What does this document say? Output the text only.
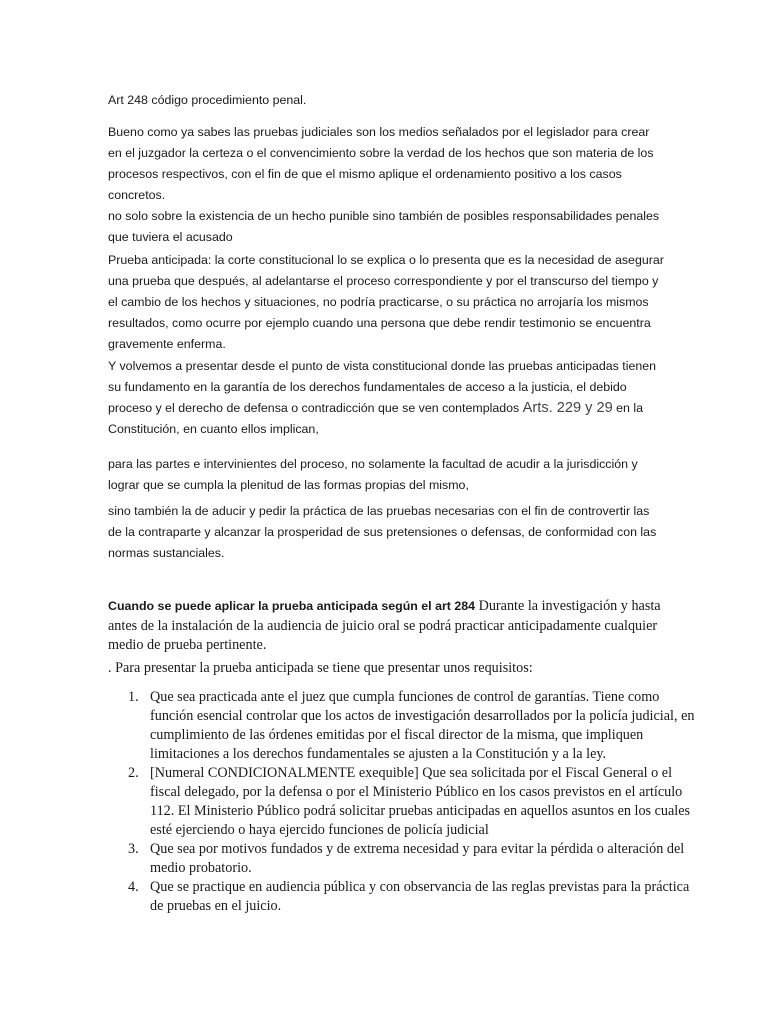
Art 248 código procedimiento penal.

Bueno como ya sabes las pruebas judiciales son los medios señalados por el legislador para crear en el juzgador la certeza o el convencimiento sobre la verdad de los hechos que son materia de los procesos respectivos, con el fin de que el mismo aplique el ordenamiento positivo a los casos concretos.

no solo sobre la existencia de un hecho punible sino también de posibles responsabilidades penales que tuviera el acusado

Prueba anticipada: la corte constitucional lo se explica o lo presenta que es la necesidad de asegurar una prueba que después, al adelantarse el proceso correspondiente y por el transcurso del tiempo y el cambio de los hechos y situaciones, no podría practicarse, o su práctica no arrojaría los mismos resultados, como ocurre por ejemplo cuando una persona que debe rendir testimonio se encuentra gravemente enferma.

Y volvemos a presentar desde el punto de vista constitucional donde las pruebas anticipadas tienen su fundamento en la garantía de los derechos fundamentales de acceso a la justicia, el debido proceso y el derecho de defensa o contradicción que se ven contemplados Arts. 229 y 29 en la Constitución, en cuanto ellos implican,

para las partes e intervinientes del proceso, no solamente la facultad de acudir a la jurisdicción y lograr que se cumpla la plenitud de las formas propias del mismo,

sino también la de aducir y pedir la práctica de las pruebas necesarias con el fin de controvertir las de la contraparte y alcanzar la prosperidad de sus pretensiones o defensas, de conformidad con las normas sustanciales.

Cuando se puede aplicar la prueba anticipada según el art 284 Durante la investigación y hasta antes de la instalación de la audiencia de juicio oral se podrá practicar anticipadamente cualquier medio de prueba pertinente.

. Para presentar la prueba anticipada se tiene que presentar unos requisitos:

1. Que sea practicada ante el juez que cumpla funciones de control de garantías. Tiene como función esencial controlar que los actos de investigación desarrollados por la policía judicial, en cumplimiento de las órdenes emitidas por el fiscal director de la misma, que impliquen limitaciones a los derechos fundamentales se ajusten a la Constitución y a la ley.
2. [Numeral CONDICIONALMENTE exequible] Que sea solicitada por el Fiscal General o el fiscal delegado, por la defensa o por el Ministerio Público en los casos previstos en el artículo 112. El Ministerio Público podrá solicitar pruebas anticipadas en aquellos asuntos en los cuales esté ejerciendo o haya ejercido funciones de policía judicial
3. Que sea por motivos fundados y de extrema necesidad y para evitar la pérdida o alteración del medio probatorio.
4. Que se practique en audiencia pública y con observancia de las reglas previstas para la práctica de pruebas en el juicio.
